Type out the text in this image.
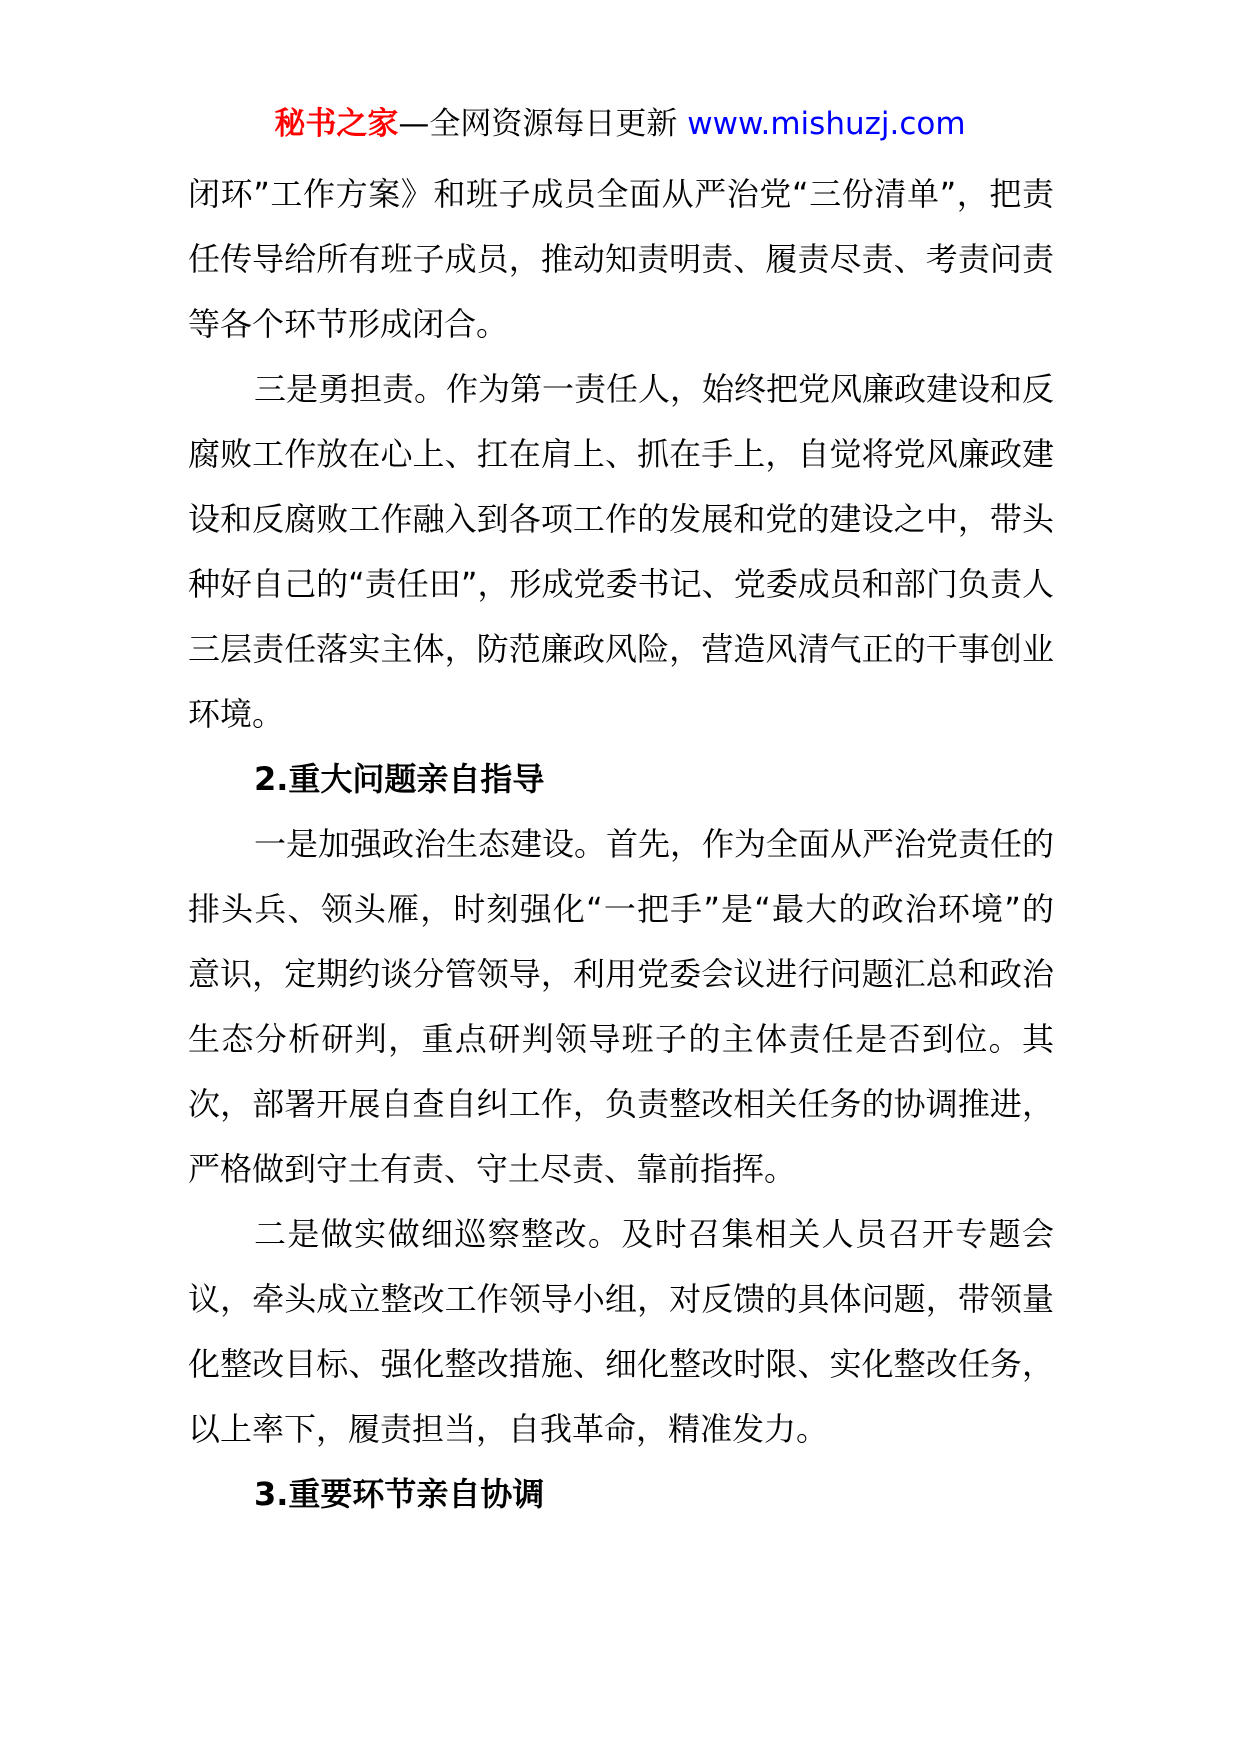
秘书之家—全网资源每日更新 www.mishuzj.com

闭环”工作方案》和班子成员全面从严治党“三份清单”，把责任传导给所有班子成员，推动知责明责、履责尽责、考责问责等各个环节形成闭合。

三是勇担责。作为第一责任人，始终把党风廉政建设和反腐败工作放在心上、扛在肩上、抓在手上，自觉将党风廉政建设和反腐败工作融入到各项工作的发展和党的建设之中，带头种好自己的“责任田”，形成党委书记、党委成员和部门负责人三层责任落实主体，防范廉政风险，营造风清气正的干事创业环境。

2.重大问题亲自指导

一是加强政治生态建设。首先，作为全面从严治党责任的排头兵、领头雁，时刻强化“一把手”是“最大的政治环境”的意识，定期约谈分管领导，利用党委会议进行问题汇总和政治生态分析研判，重点研判领导班子的主体责任是否到位。其次，部署开展自查自纠工作，负责整改相关任务的协调推进，严格做到守土有责、守土尽责、靠前指挥。

二是做实做细巡察整改。及时召集相关人员召开专题会议，牵头成立整改工作领导小组，对反馈的具体问题，带领量化整改目标、强化整改措施、细化整改时限、实化整改任务，以上率下，履责担当，自我革命，精准发力。

3.重要环节亲自协调
